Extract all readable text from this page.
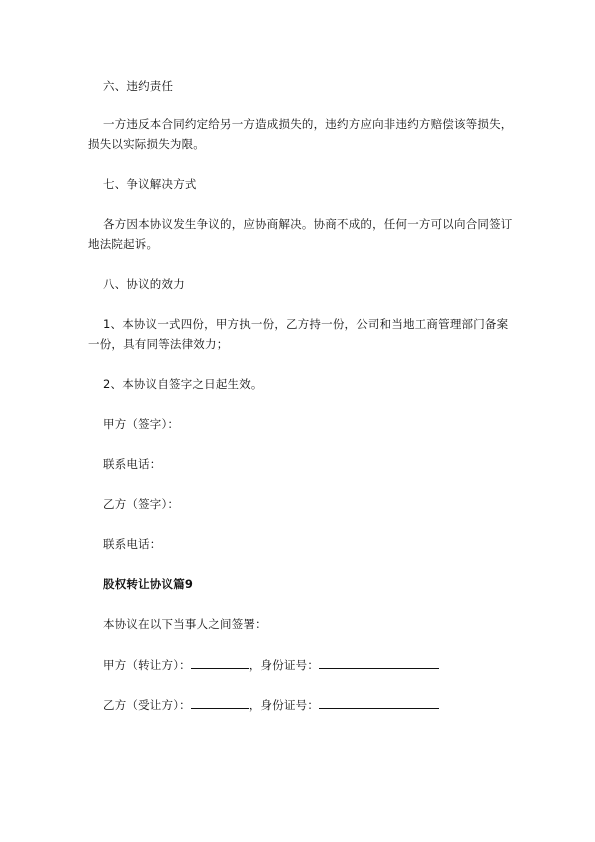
六、违约责任
一方违反本合同约定给另一方造成损失的，违约方应向非违约方赔偿该等损失，
损失以实际损失为限。
七、争议解决方式
各方因本协议发生争议的，应协商解决。协商不成的，任何一方可以向合同签订
地法院起诉。
八、协议的效力
1、本协议一式四份，甲方执一份，乙方持一份，公司和当地工商管理部门备案
一份，具有同等法律效力；
2、本协议自签字之日起生效。
甲方（签字）：
联系电话：
乙方（签字）：
联系电话：
股权转让协议篇9
本协议在以下当事人之间签署：
甲方（转让方）：	，身份证号：
乙方（受让方）：	，身份证号：
